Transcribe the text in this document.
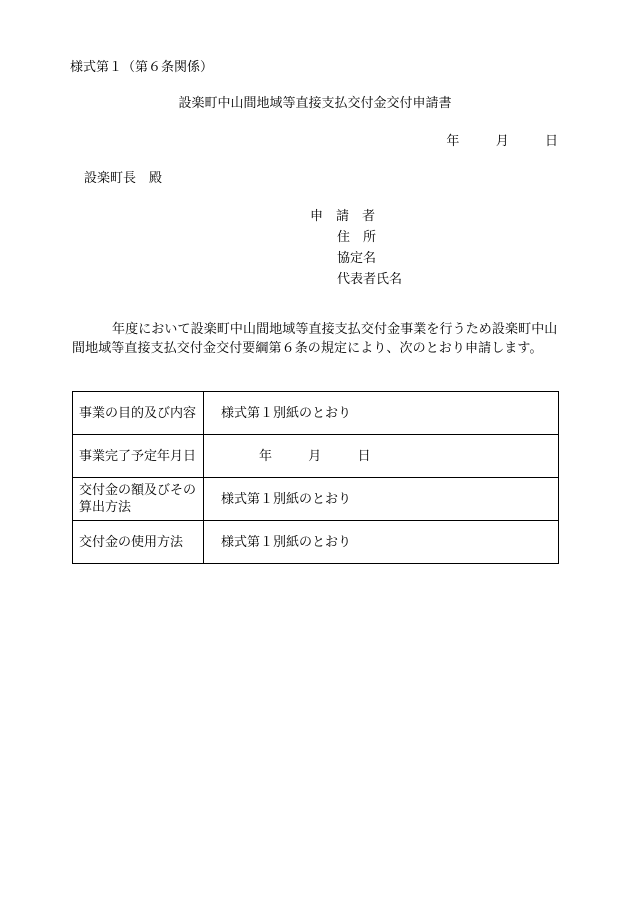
様式第１（第６条関係）
設楽町中山間地域等直接支払交付金交付申請書
年	月	日
設楽町長　殿
申　請　者
住　所
協定名
代表者氏名
年度において設楽町中山間地域等直接支払交付金事業を行うため設楽町中山間地域等直接支払交付金交付要綱第６条の規定により、次のとおり申請します。
事業の目的及び内容	様式第１別紙のとおり
事業完了予定年月日	年 月 日
交付金の額及びその算出方法	様式第１別紙のとおり
交付金の使用方法	様式第１別紙のとおり
